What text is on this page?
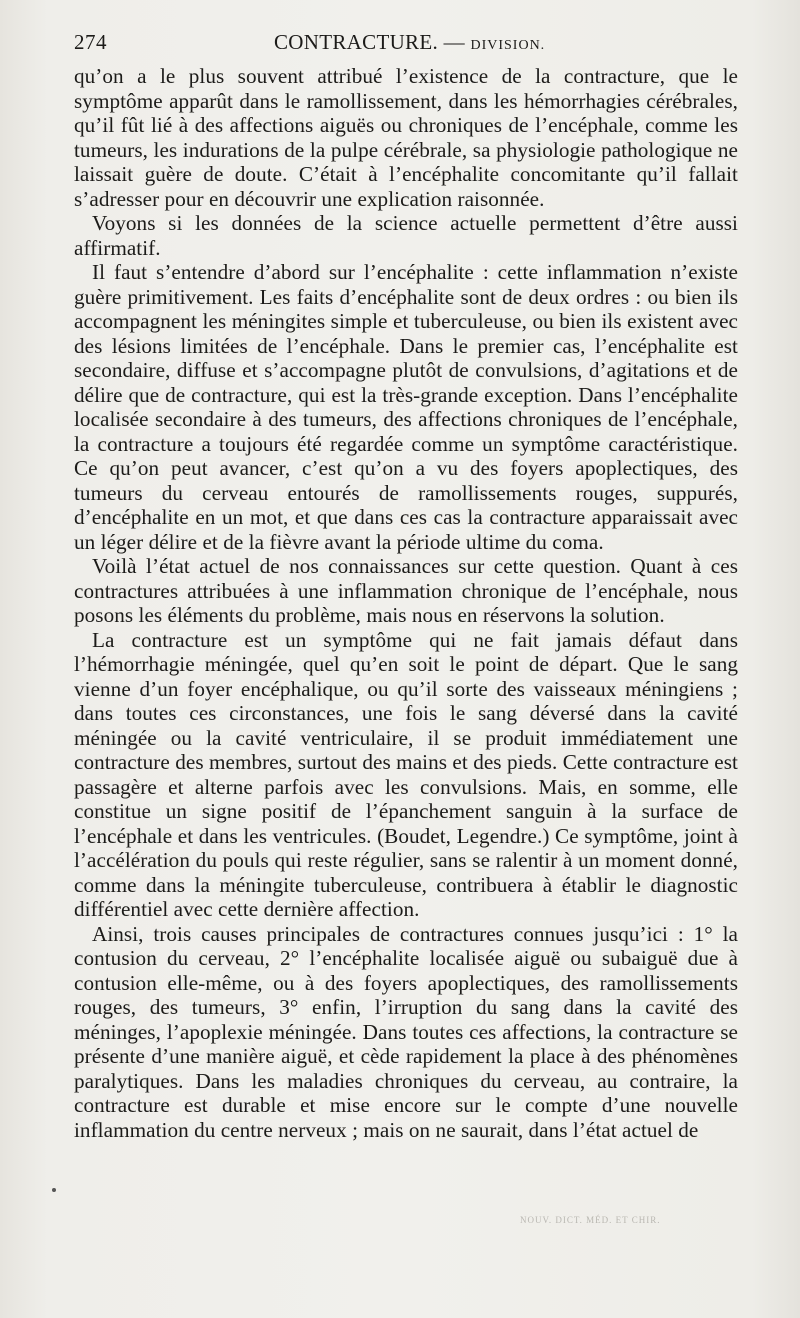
274	CONTRACTURE. — DIVISION.

qu’on a le plus souvent attribué l’existence de la contracture, que le symptôme apparût dans le ramollissement, dans les hémorrhagies cérébrales, qu’il fût lié à des affections aiguës ou chroniques de l’encéphale, comme les tumeurs, les indurations de la pulpe cérébrale, sa physiologie pathologique ne laissait guère de doute. C’était à l’encéphalite concomitante qu’il fallait s’adresser pour en découvrir une explication raisonnée.

Voyons si les données de la science actuelle permettent d’être aussi affirmatif.

Il faut s’entendre d’abord sur l’encéphalite : cette inflammation n’existe guère primitivement. Les faits d’encéphalite sont de deux ordres : ou bien ils accompagnent les méningites simple et tuberculeuse, ou bien ils existent avec des lésions limitées de l’encéphale. Dans le premier cas, l’encéphalite est secondaire, diffuse et s’accompagne plutôt de convulsions, d’agitations et de délire que de contracture, qui est la très-grande exception. Dans l’encéphalite localisée secondaire à des tumeurs, des affections chroniques de l’encéphale, la contracture a toujours été regardée comme un symptôme caractéristique. Ce qu’on peut avancer, c’est qu’on a vu des foyers apoplectiques, des tumeurs du cerveau entourés de ramollissements rouges, suppurés, d’encéphalite en un mot, et que dans ces cas la contracture apparaissait avec un léger délire et de la fièvre avant la période ultime du coma.

Voilà l’état actuel de nos connaissances sur cette question. Quant à ces contractures attribuées à une inflammation chronique de l’encéphale, nous posons les éléments du problème, mais nous en réservons la solution.

La contracture est un symptôme qui ne fait jamais défaut dans l’hémorrhagie méningée, quel qu’en soit le point de départ. Que le sang vienne d’un foyer encéphalique, ou qu’il sorte des vaisseaux méningiens ; dans toutes ces circonstances, une fois le sang déversé dans la cavité méningée ou la cavité ventriculaire, il se produit immédiatement une contracture des membres, surtout des mains et des pieds. Cette contracture est passagère et alterne parfois avec les convulsions. Mais, en somme, elle constitue un signe positif de l’épanchement sanguin à la surface de l’encéphale et dans les ventricules. (Boudet, Legendre.) Ce symptôme, joint à l’accélération du pouls qui reste régulier, sans se ralentir à un moment donné, comme dans la méningite tuberculeuse, contribuera à établir le diagnostic différentiel avec cette dernière affection.

Ainsi, trois causes principales de contractures connues jusqu’ici : 1° la contusion du cerveau, 2° l’encéphalite localisée aiguë ou subaiguë due à contusion elle-même, ou à des foyers apoplectiques, des ramollissements rouges, des tumeurs, 3° enfin, l’irruption du sang dans la cavité des méninges, l’apoplexie méningée. Dans toutes ces affections, la contracture se présente d’une manière aiguë, et cède rapidement la place à des phénomènes paralytiques. Dans les maladies chroniques du cerveau, au contraire, la contracture est durable et mise encore sur le compte d’une nouvelle inflammation du centre nerveux ; mais on ne saurait, dans l’état actuel de

NOUV. DICT. MÉD. ET CHIR.
